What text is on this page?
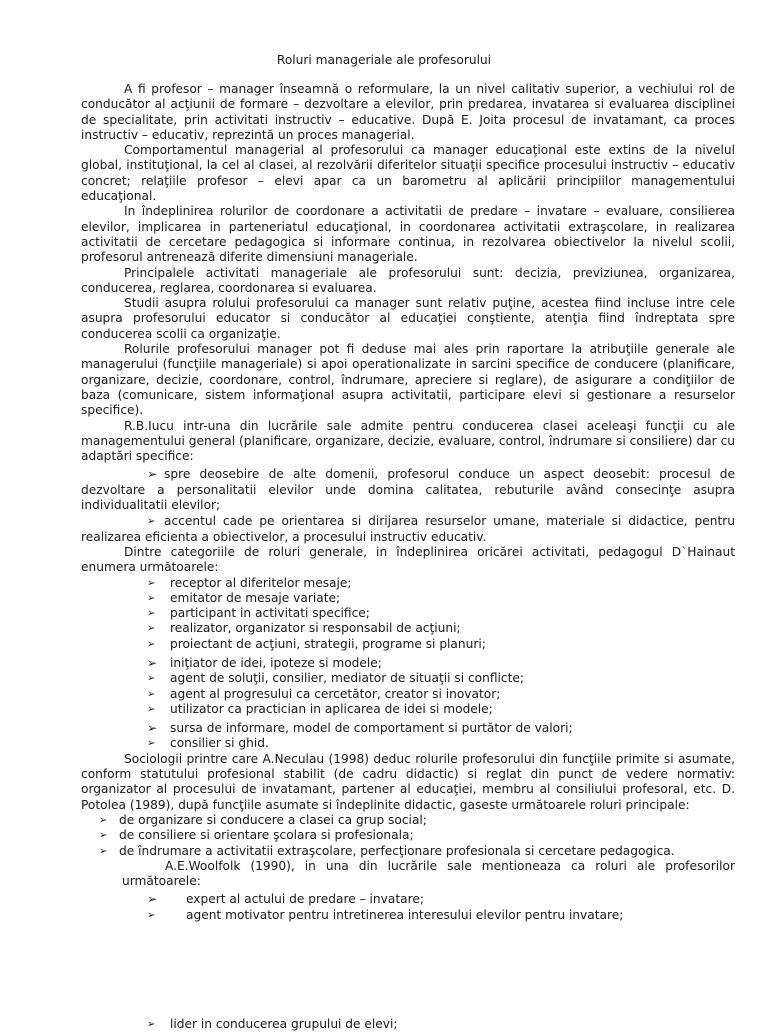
Roluri manageriale ale profesorului

A fi profesor – manager înseamnă o reformulare, la un nivel calitativ superior, a vechiului rol de conducător al acţiunii de formare – dezvoltare a elevilor, prin predarea, invatarea si evaluarea disciplinei de specialitate, prin activitati instructiv – educative. După E. Joita procesul de invatamant, ca proces instructiv – educativ, reprezintă un proces managerial.

Comportamentul managerial al profesorului ca manager educaţional este extins de la nivelul global, instituţional, la cel al clasei, al rezolvării diferitelor situaţii specifice procesului instructiv – educativ concret; relaţiile profesor – elevi apar ca un barometru al aplicării principiilor managementului educaţional.

In îndeplinirea rolurilor de coordonare a activitatii de predare – invatare – evaluare, consilierea elevilor, implicarea in parteneriatul educaţional, in coordonarea activitatii extraşcolare, in realizarea activitatii de cercetare pedagogica si informare continua, in rezolvarea obiectivelor la nivelul scolii, profesorul antrenează diferite dimensiuni manageriale.

Principalele activitati manageriale ale profesorului sunt: decizia, previziunea, organizarea, conducerea, reglarea, coordonarea si evaluarea.

Studii asupra rolului profesorului ca manager sunt relativ puţine, acestea fiind incluse intre cele asupra profesorului educator si conducător al educaţiei conştiente, atenţia fiind îndreptata spre conducerea scolii ca organizaţie.

Rolurile profesorului manager pot fi deduse mai ales prin raportare la atribuţiile generale ale managerului (funcţiile manageriale) si apoi operationalizate in sarcini specifice de conducere (planificare, organizare, decizie, coordonare, control, îndrumare, apreciere si reglare), de asigurare a condiţiilor de baza (comunicare, sistem informaţional asupra activitatii, participare elevi si gestionare a resurselor specifice).

R.B.Iucu intr-una din lucrările sale admite pentru conducerea clasei aceleaşi funcţii cu ale managementului general (planificare, organizare, decizie, evaluare, control, îndrumare si consiliere) dar cu adaptări specifice:

➢ spre deosebire de alte domenii, profesorul conduce un aspect deosebit: procesul de dezvoltare a personalitatii elevilor unde domina calitatea, rebuturile având consecinţe asupra individualitatii elevilor;
➢ accentul cade pe orientarea si dirijarea resurselor umane, materiale si didactice, pentru realizarea eficienta a obiectivelor, a procesului instructiv educativ.

Dintre categoriile de roluri generale, in îndeplinirea oricărei activitati, pedagogul D`Hainaut enumera următoarele:

➢ receptor al diferitelor mesaje;
➢ emitator de mesaje variate;
➢ participant in activitati specifice;
➢ realizator, organizator si responsabil de acţiuni;
➢ proiectant de acţiuni, strategii, programe si planuri;
➢ iniţiator de idei, ipoteze si modele;
➢ agent de soluţii, consilier, mediator de situaţii si conflicte;
➢ agent al progresului ca cercetător, creator si inovator;
➢ utilizator ca practician in aplicarea de idei si modele;
➢ sursa de informare, model de comportament si purtător de valori;
➢ consilier si ghid.

Sociologii printre care A.Neculau (1998) deduc rolurile profesorului din funcţiile primite si asumate, conform statutului profesional stabilit (de cadru didactic) si reglat din punct de vedere normativ: organizator al procesului de invatamant, partener al educaţiei, membru al consiliului profesoral, etc. D. Potolea (1989), după funcţiile asumate si îndeplinite didactic, gaseste următoarele roluri principale:

➢ de organizare si conducere a clasei ca grup social;
➢ de consiliere si orientare şcolara si profesionala;
➢ de îndrumare a activitatii extraşcolare, perfecţionare profesionala si cercetare pedagogica.

A.E.Woolfolk (1990), in una din lucrările sale mentioneaza ca roluri ale profesorilor următoarele:

➢ expert al actului de predare – invatare;
➢	agent motivator pentru intretinerea interesului elevilor pentru invatare;
➢ lider in conducerea grupului de elevi;
